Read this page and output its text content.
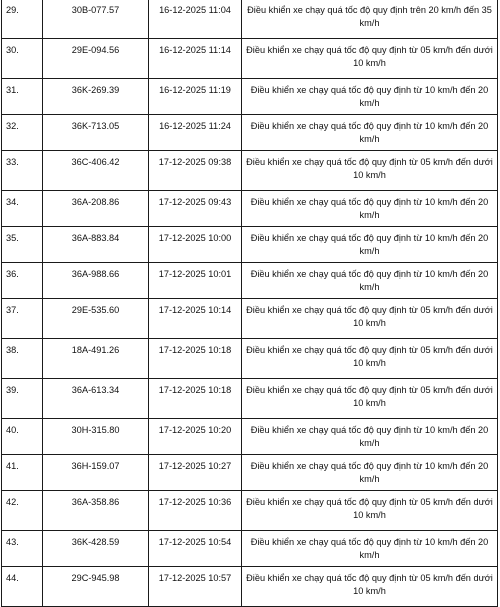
29.	30B-077.57	16-12-2025 11:04	Điều khiển xe chạy quá tốc độ quy định trên 20 km/h đến 35 km/h
30.	29E-094.56	16-12-2025 11:14	Điều khiển xe chạy quá tốc độ quy định từ 05 km/h đến dưới 10 km/h
31.	36K-269.39	16-12-2025 11:19	Điều khiển xe chạy quá tốc độ quy định từ 10 km/h đến 20 km/h
32.	36K-713.05	16-12-2025 11:24	Điều khiển xe chạy quá tốc độ quy định từ 10 km/h đến 20 km/h
33.	36C-406.42	17-12-2025 09:38	Điều khiển xe chạy quá tốc độ quy định từ 05 km/h đến dưới 10 km/h
34.	36A-208.86	17-12-2025 09:43	Điều khiển xe chạy quá tốc độ quy định từ 10 km/h đến 20 km/h
35.	36A-883.84	17-12-2025 10:00	Điều khiển xe chạy quá tốc độ quy định từ 10 km/h đến 20 km/h
36.	36A-988.66	17-12-2025 10:01	Điều khiển xe chạy quá tốc độ quy định từ 10 km/h đến 20 km/h
37.	29E-535.60	17-12-2025 10:14	Điều khiển xe chạy quá tốc độ quy định từ 05 km/h đến dưới 10 km/h
38.	18A-491.26	17-12-2025 10:18	Điều khiển xe chạy quá tốc độ quy định từ 05 km/h đến dưới 10 km/h
39.	36A-613.34	17-12-2025 10:18	Điều khiển xe chạy quá tốc độ quy định từ 05 km/h đến dưới 10 km/h
40.	30H-315.80	17-12-2025 10:20	Điều khiển xe chạy quá tốc độ quy định từ 10 km/h đến 20 km/h
41.	36H-159.07	17-12-2025 10:27	Điều khiển xe chạy quá tốc độ quy định từ 10 km/h đến 20 km/h
42.	36A-358.86	17-12-2025 10:36	Điều khiển xe chạy quá tốc độ quy định từ 05 km/h đến dưới 10 km/h
43.	36K-428.59	17-12-2025 10:54	Điều khiển xe chạy quá tốc độ quy định từ 10 km/h đến 20 km/h
44.	29C-945.98	17-12-2025 10:57	Điều khiển xe chạy quá tốc độ quy định từ 05 km/h đến dưới 10 km/h
